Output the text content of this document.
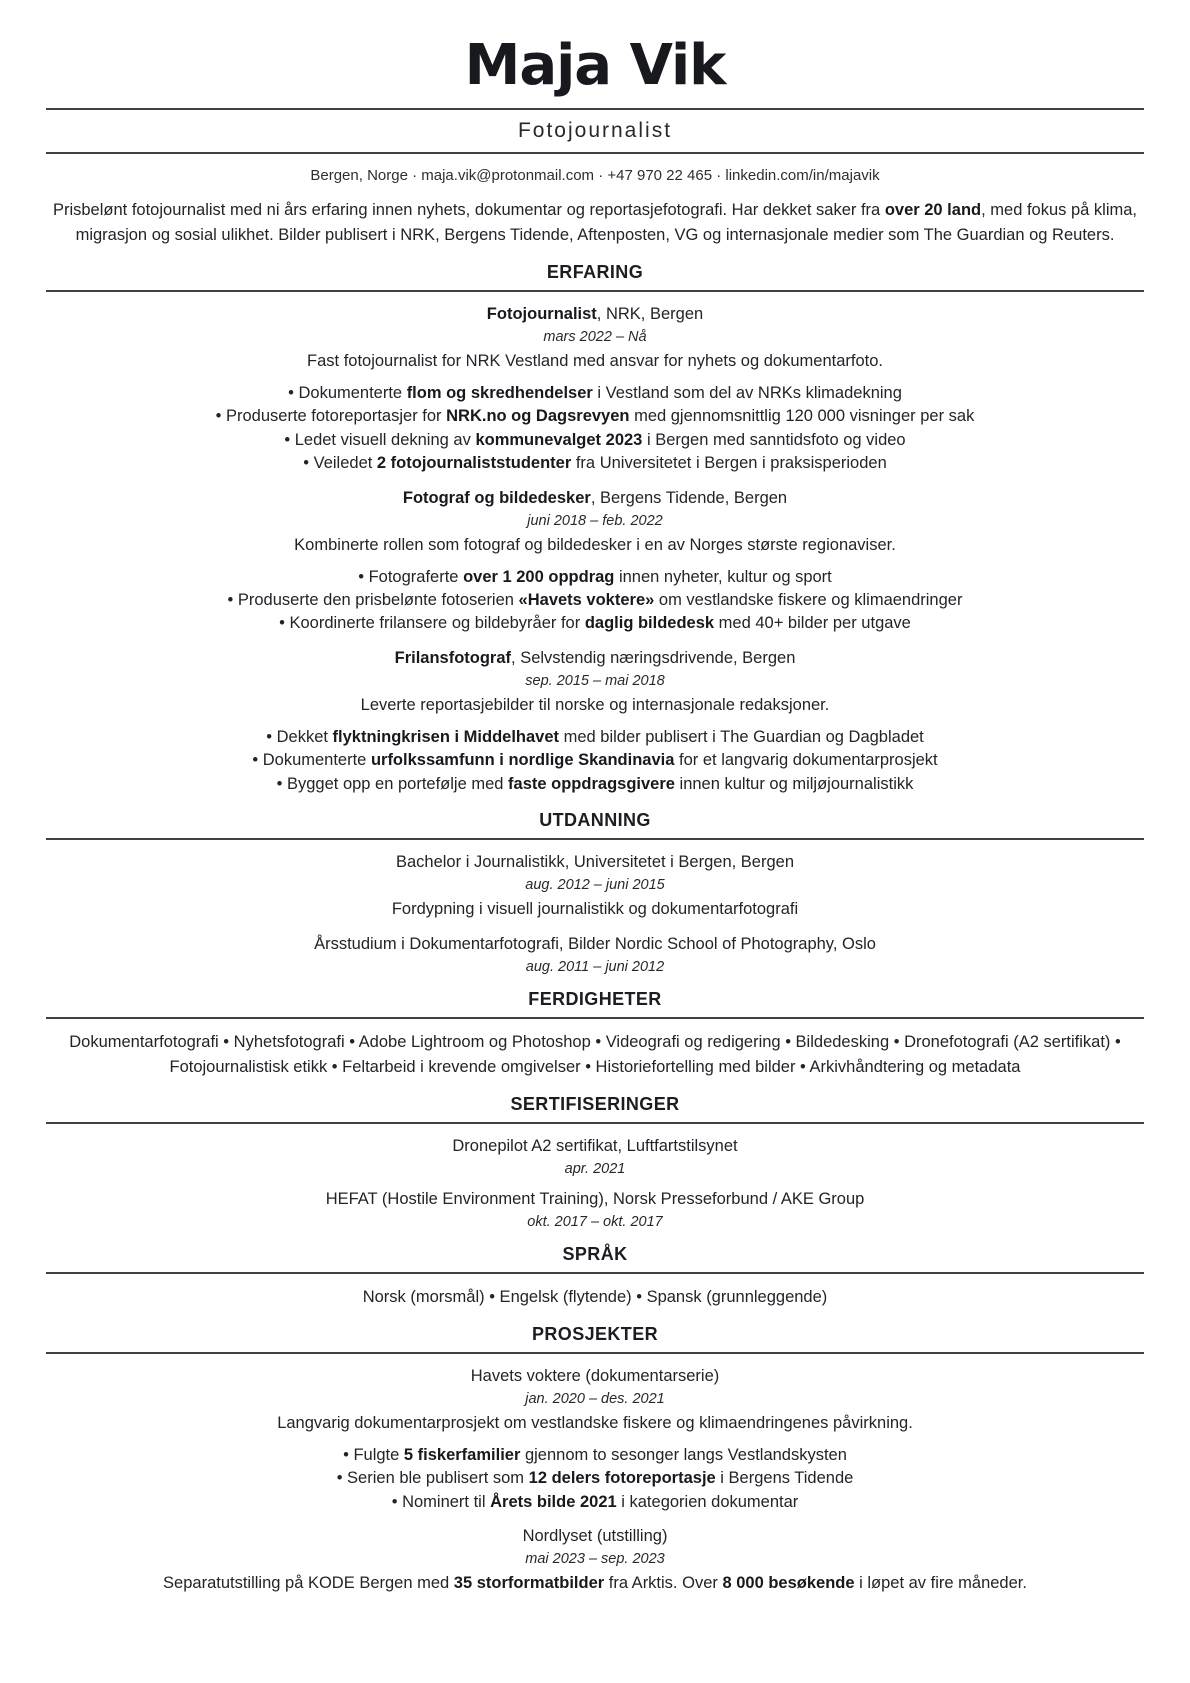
Maja Vik
Fotojournalist
Bergen, Norge · maja.vik@protonmail.com · +47 970 22 465 · linkedin.com/in/majavik

Prisbelønt fotojournalist med ni års erfaring innen nyhets, dokumentar og reportasjefotografi. Har dekket saker fra over 20 land, med fokus på klima, migrasjon og sosial ulikhet. Bilder publisert i NRK, Bergens Tidende, Aftenposten, VG og internasjonale medier som The Guardian og Reuters.

ERFARING
Fotojournalist, NRK, Bergen
mars 2022 – Nå
Fast fotojournalist for NRK Vestland med ansvar for nyhets og dokumentarfoto.
• Dokumenterte flom og skredhendelser i Vestland som del av NRKs klimadekning
• Produserte fotoreportasjer for NRK.no og Dagsrevyen med gjennomsnittlig 120 000 visninger per sak
• Ledet visuell dekning av kommunevalget 2023 i Bergen med sanntidsfoto og video
• Veiledet 2 fotojournaliststudenter fra Universitetet i Bergen i praksisperioden
Fotograf og bildedesker, Bergens Tidende, Bergen
juni 2018 – feb. 2022
Kombinerte rollen som fotograf og bildedesker i en av Norges største regionaviser.
• Fotograferte over 1 200 oppdrag innen nyheter, kultur og sport
• Produserte den prisbelønte fotoserien «Havets voktere» om vestlandske fiskere og klimaendringer
• Koordinerte frilansere og bildebyråer for daglig bildedesk med 40+ bilder per utgave
Frilansfotograf, Selvstendig næringsdrivende, Bergen
sep. 2015 – mai 2018
Leverte reportasjebilder til norske og internasjonale redaksjoner.
• Dekket flyktningkrisen i Middelhavet med bilder publisert i The Guardian og Dagbladet
• Dokumenterte urfolkssamfunn i nordlige Skandinavia for et langvarig dokumentarprosjekt
• Bygget opp en portefølje med faste oppdragsgivere innen kultur og miljøjournalistikk
UTDANNING
Bachelor i Journalistikk, Universitetet i Bergen, Bergen
aug. 2012 – juni 2015
Fordypning i visuell journalistikk og dokumentarfotografi
Årsstudium i Dokumentarfotografi, Bilder Nordic School of Photography, Oslo
aug. 2011 – juni 2012
FERDIGHETER
Dokumentarfotografi • Nyhetsfotografi • Adobe Lightroom og Photoshop • Videografi og redigering • Bildedesking • Dronefotografi (A2 sertifikat) • Fotojournalistisk etikk • Feltarbeid i krevende omgivelser • Historiefortelling med bilder • Arkivhåndtering og metadata
SERTIFISERINGER
Dronepilot A2 sertifikat, Luftfartstilsynet
apr. 2021
HEFAT (Hostile Environment Training), Norsk Presseforbund / AKE Group
okt. 2017 – okt. 2017
SPRÅK
Norsk (morsmål) • Engelsk (flytende) • Spansk (grunnleggende)
PROSJEKTER
Havets voktere (dokumentarserie)
jan. 2020 – des. 2021
Langvarig dokumentarprosjekt om vestlandske fiskere og klimaendringenes påvirkning.
• Fulgte 5 fiskerfamilier gjennom to sesonger langs Vestlandskysten
• Serien ble publisert som 12 delers fotoreportasje i Bergens Tidende
• Nominert til Årets bilde 2021 i kategorien dokumentar
Nordlyset (utstilling)
mai 2023 – sep. 2023
Separatutstilling på KODE Bergen med 35 storformatbilder fra Arktis. Over 8 000 besøkende i løpet av fire måneder.
